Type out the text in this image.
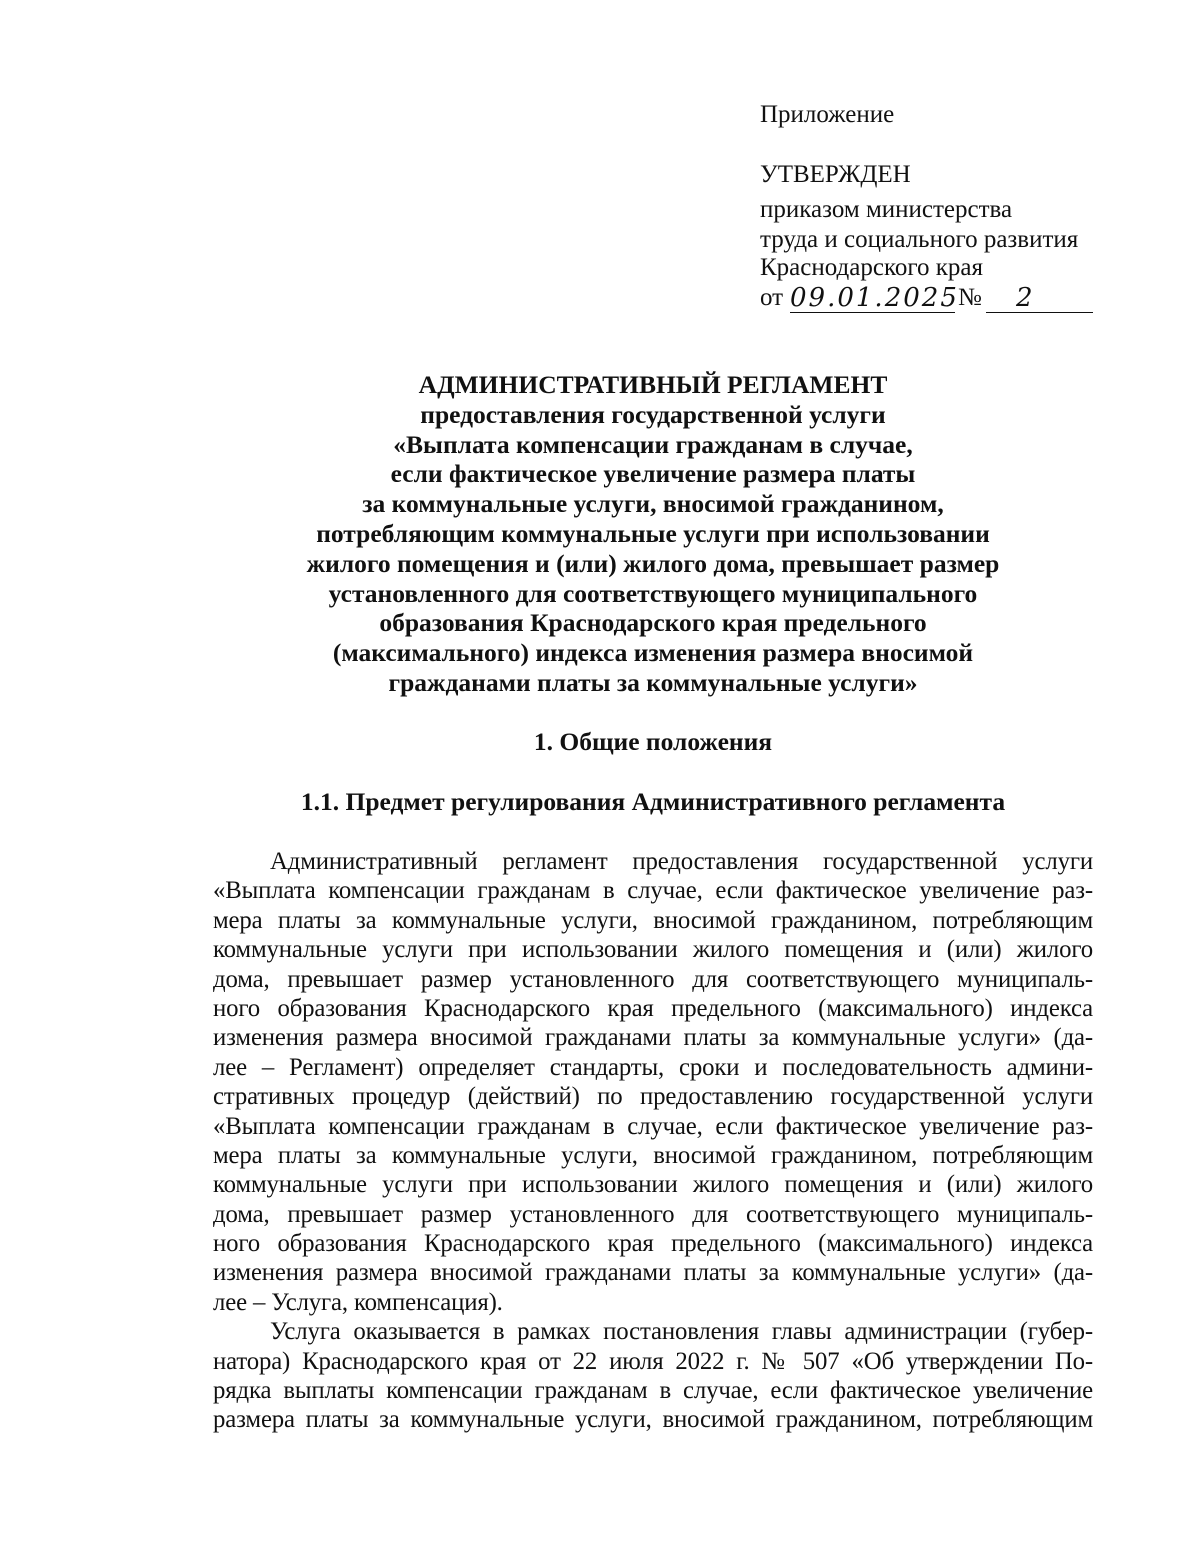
Приложение
УТВЕРЖДЕН
приказом министерства
труда и социального развития
Краснодарского края
от 09.01.2025 №	2
АДМИНИСТРАТИВНЫЙ РЕГЛАМЕНТ
предоставления государственной услуги
«Выплата компенсации гражданам в случае,
если фактическое увеличение размера платы
за коммунальные услуги, вносимой гражданином,
потребляющим коммунальные услуги при использовании
жилого помещения и (или) жилого дома, превышает размер
установленного для соответствующего муниципального
образования Краснодарского края предельного
(максимального) индекса изменения размера вносимой
гражданами платы за коммунальные услуги»
1. Общие положения
1.1. Предмет регулирования Административного регламента
Административный регламент предоставления государственной услуги
«Выплата компенсации гражданам в случае, если фактическое увеличение раз-
мера платы за коммунальные услуги, вносимой гражданином, потребляющим
коммунальные услуги при использовании жилого помещения и (или) жилого
дома, превышает размер установленного для соответствующего муниципаль-
ного образования Краснодарского края предельного (максимального) индекса
изменения размера вносимой гражданами платы за коммунальные услуги» (да-
лее – Регламент) определяет стандарты, сроки и последовательность админи-
стративных процедур (действий) по предоставлению государственной услуги
«Выплата компенсации гражданам в случае, если фактическое увеличение раз-
мера платы за коммунальные услуги, вносимой гражданином, потребляющим
коммунальные услуги при использовании жилого помещения и (или) жилого
дома, превышает размер установленного для соответствующего муниципаль-
ного образования Краснодарского края предельного (максимального) индекса
изменения размера вносимой гражданами платы за коммунальные услуги» (да-
лее – Услуга, компенсация).
Услуга оказывается в рамках постановления главы администрации (губер-
натора) Краснодарского края от 22 июля 2022 г. № 507 «Об утверждении По-
рядка выплаты компенсации гражданам в случае, если фактическое увеличение
размера платы за коммунальные услуги, вносимой гражданином, потребляющим
